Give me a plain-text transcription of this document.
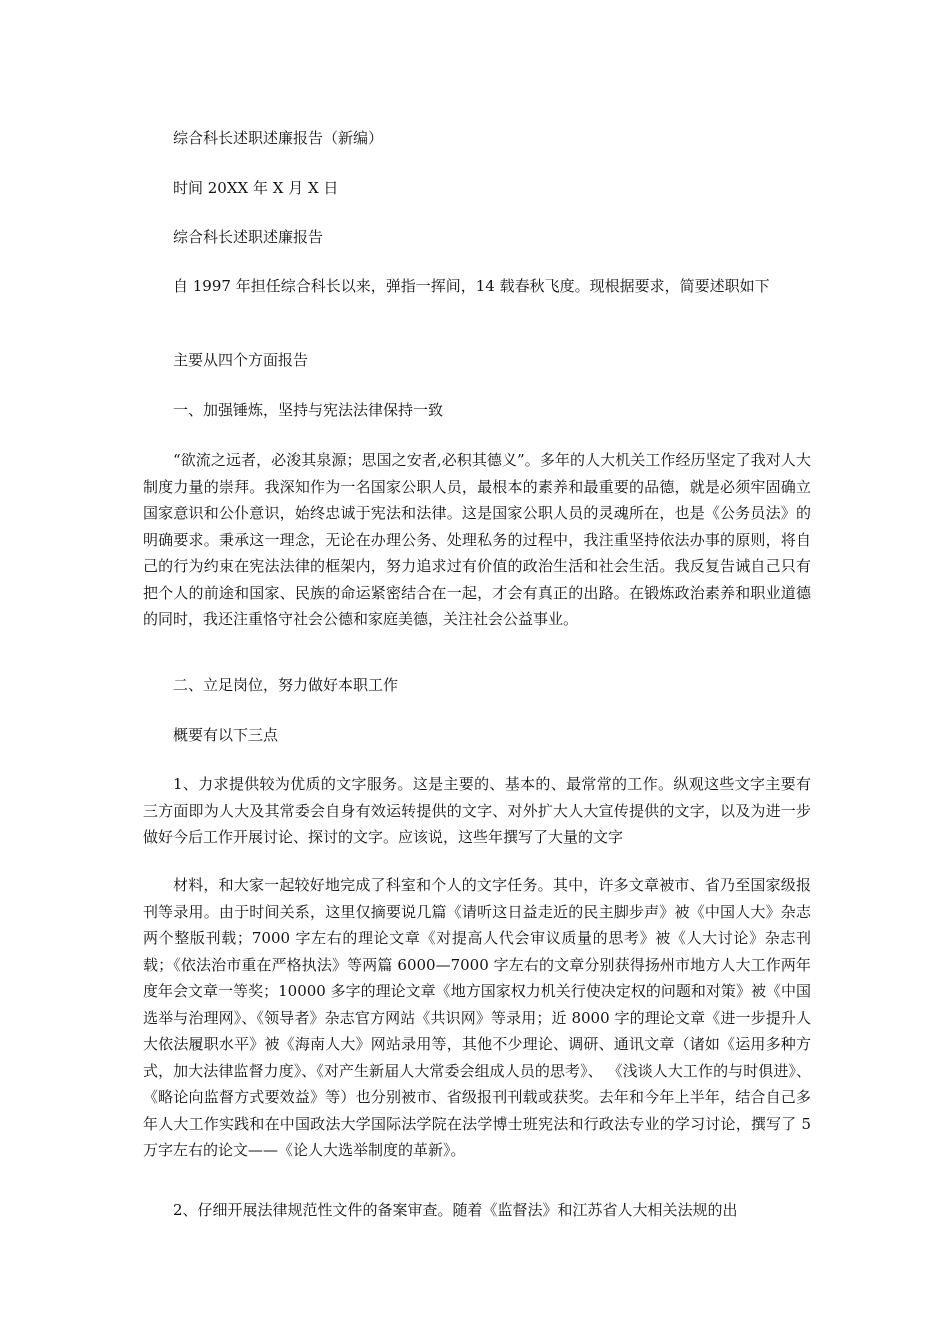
综合科长述职述廉报告（新编）
时间 20XX 年 X 月 X 日
综合科长述职述廉报告
自 1997 年担任综合科长以来，弹指一挥间，14 载春秋飞度。现根据要求，简要述职如下
主要从四个方面报告
一、加强锤炼，坚持与宪法法律保持一致
“欲流之远者，必浚其泉源；思国之安者,必积其德义”。多年的人大机关工作经历坚定了我对人大制度力量的崇拜。我深知作为一名国家公职人员，最根本的素养和最重要的品德，就是必须牢固确立国家意识和公仆意识，始终忠诚于宪法和法律。这是国家公职人员的灵魂所在，也是《公务员法》的明确要求。秉承这一理念，无论在办理公务、处理私务的过程中，我注重坚持依法办事的原则，将自己的行为约束在宪法法律的框架内，努力追求过有价值的政治生活和社会生活。我反复告诫自己只有把个人的前途和国家、民族的命运紧密结合在一起，才会有真正的出路。在锻炼政治素养和职业道德的同时，我还注重恪守社会公德和家庭美德，关注社会公益事业。
二、立足岗位，努力做好本职工作
概要有以下三点
1、力求提供较为优质的文字服务。这是主要的、基本的、最常常的工作。纵观这些文字主要有三方面即为人大及其常委会自身有效运转提供的文字、对外扩大人大宣传提供的文字，以及为进一步做好今后工作开展讨论、探讨的文字。应该说，这些年撰写了大量的文字
材料，和大家一起较好地完成了科室和个人的文字任务。其中，许多文章被市、省乃至国家级报刊等录用。由于时间关系，这里仅摘要说几篇《请听这日益走近的民主脚步声》被《中国人大》杂志两个整版刊载；7000 字左右的理论文章《对提高人代会审议质量的思考》被《人大讨论》杂志刊载；《依法治市重在严格执法》等两篇 6000—7000 字左右的文章分别获得扬州市地方人大工作两年度年会文章一等奖；10000 多字的理论文章《地方国家权力机关行使决定权的问题和对策》被《中国选举与治理网》、《领导者》杂志官方网站《共识网》等录用；近 8000 字的理论文章《进一步提升人大依法履职水平》被《海南人大》网站录用等，其他不少理论、调研、通讯文章（诸如《运用多种方式，加大法律监督力度》、《对产生新届人大常委会组成人员的思考》、 《浅谈人大工作的与时俱进》、 《略论向监督方式要效益》等）也分别被市、省级报刊刊载或获奖。去年和今年上半年，结合自己多年人大工作实践和在中国政法大学国际法学院在法学博士班宪法和行政法专业的学习讨论，撰写了 5 万字左右的论文——《论人大选举制度的革新》。
2、仔细开展法律规范性文件的备案审查。随着《监督法》和江苏省人大相关法规的出
